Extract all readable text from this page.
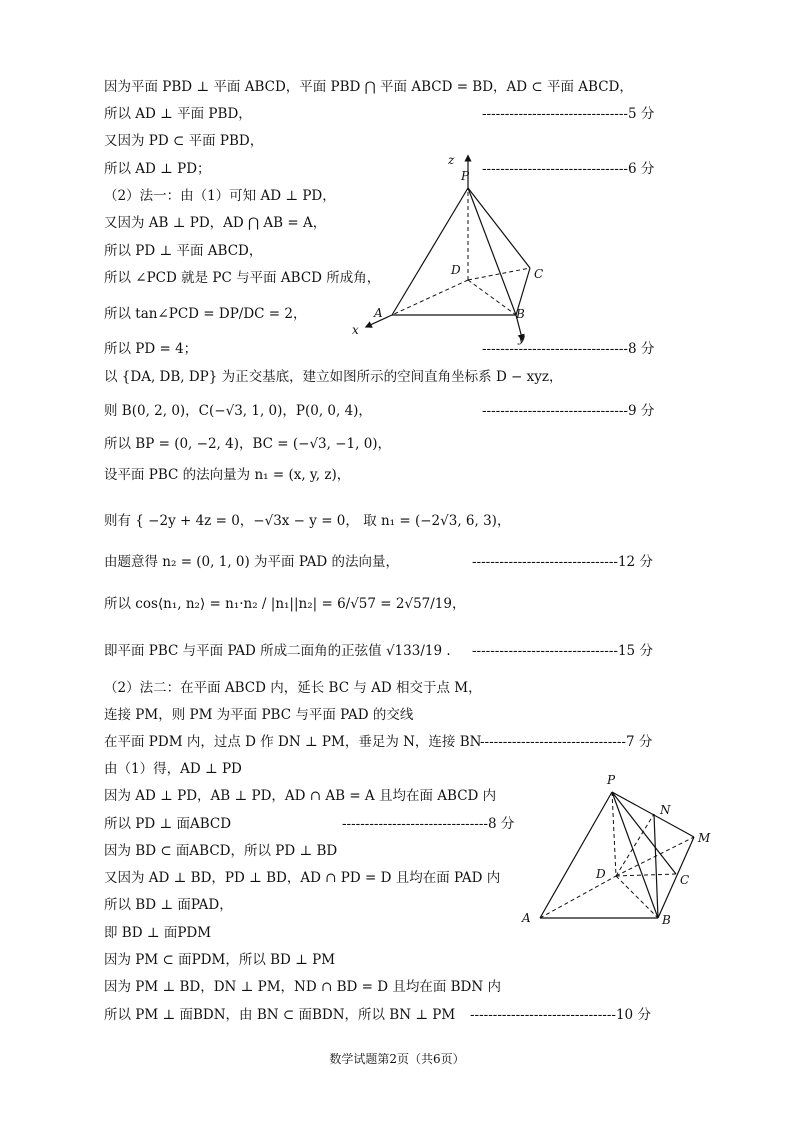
因为平面 PBD ⊥ 平面 ABCD，平面 PBD ⋂ 平面 ABCD = BD，AD ⊂ 平面 ABCD，
所以 AD ⊥ 平面 PBD，
又因为 PD ⊂ 平面 PBD，
所以 AD ⊥ PD；
（2）法一：由（1）可知 AD ⊥ PD，
又因为 AB ⊥ PD，AD ⋂ AB = A，
所以 PD ⊥ 平面 ABCD，
所以 ∠PCD 就是 PC 与平面 ABCD 所成角，
所以 tan∠PCD = DP/DC = 2，
所以 PD = 4；
以 {DA, DB, DP} 为正交基底，建立如图所示的空间直角坐标系 D − xyz，
则 B(0, 2, 0)，C(−√3, 1, 0)，P(0, 0, 4)，
所以 BP = (0, −2, 4)，BC = (−√3, −1, 0)，
设平面 PBC 的法向量为 n₁ = (x, y, z)，
则有 { −2y + 4z = 0，−√3x − y = 0， 取 n₁ = (−2√3, 6, 3)，
由题意得 n₂ = (0, 1, 0) 为平面 PAD 的法向量，
所以 cos⟨n₁, n₂⟩ = n₁·n₂ / |n₁||n₂| = 6/√57 = 2√57/19，
即平面 PBC 与平面 PAD 所成二面角的正弦值 √133/19 .
（2）法二：在平面 ABCD 内，延长 BC 与 AD 相交于点 M，
连接 PM，则 PM 为平面 PBC 与平面 PAD 的交线
在平面 PDM 内，过点 D 作 DN ⊥ PM，垂足为 N，连接 BN
由（1）得，AD ⊥ PD
因为 AD ⊥ PD，AB ⊥ PD，AD ∩ AB = A 且均在面 ABCD 内
所以 PD ⊥ 面ABCD
因为 BD ⊂ 面ABCD，所以 PD ⊥ BD
又因为 AD ⊥ BD，PD ⊥ BD，AD ∩ PD = D 且均在面 PAD 内
所以 BD ⊥ 面PAD，
即 BD ⊥ 面PDM
因为 PM ⊂ 面PDM，所以 BD ⊥ PM
因为 PM ⊥ BD，DN ⊥ PM，ND ∩ BD = D 且均在面 BDN 内
所以 PM ⊥ 面BDN，由 BN ⊂ 面BDN，所以 BN ⊥ PM
--------------------------------5 分
--------------------------------6 分
--------------------------------8 分
--------------------------------9 分
--------------------------------12 分
--------------------------------15 分
--------------------------------7 分
--------------------------------8 分
--------------------------------10 分
z
P
D	C
A	B
x
y
P
N
M
D	C
A	B
数学试题第2页（共6页）
